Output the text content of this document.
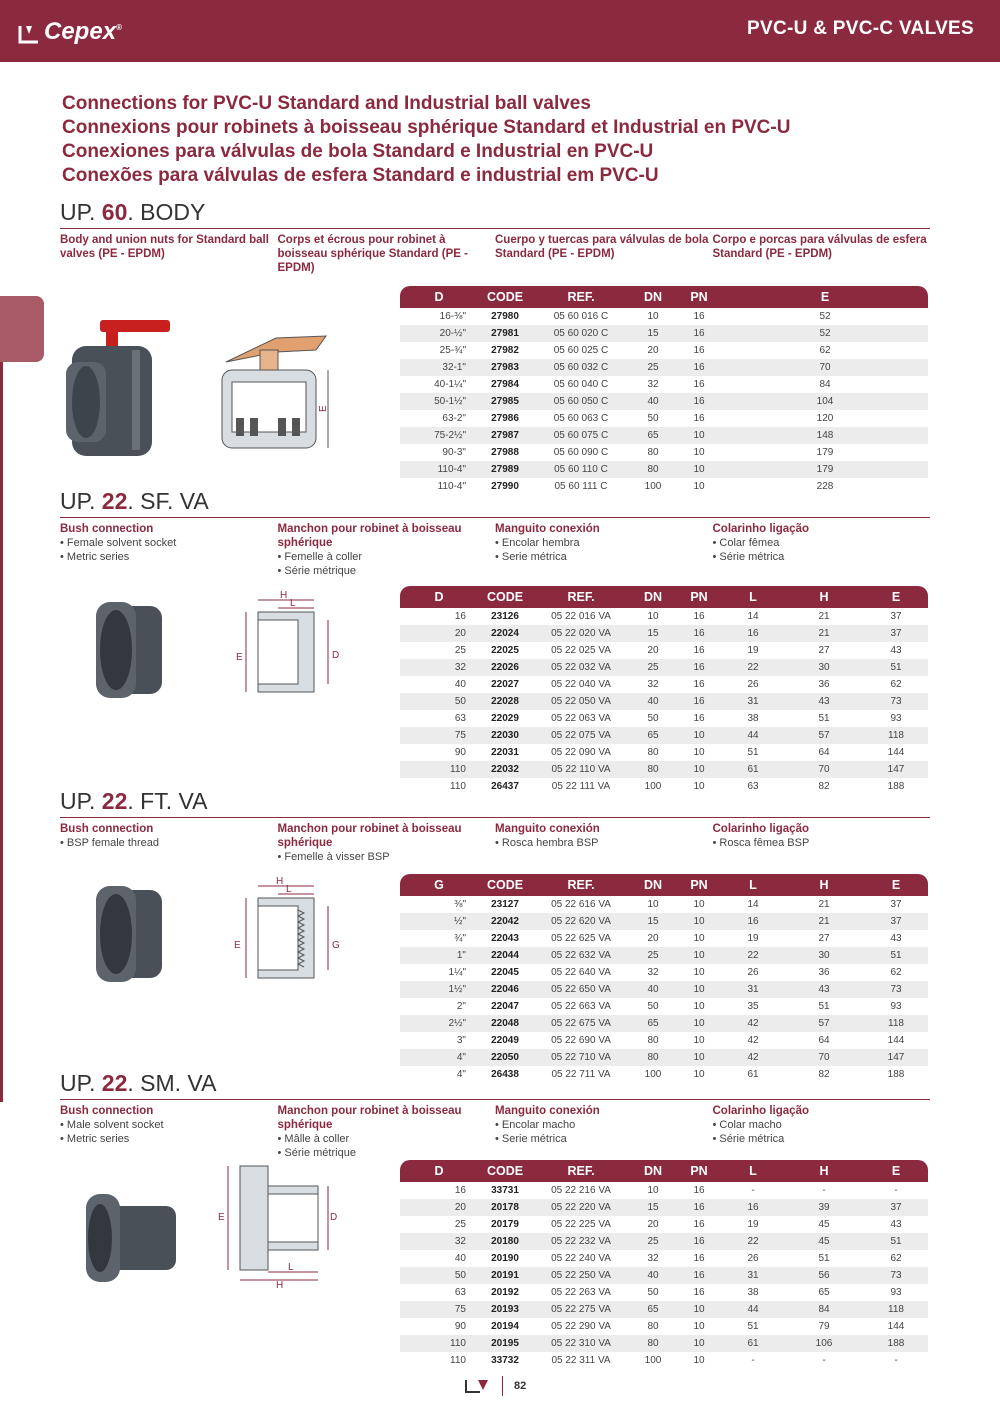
Cepex®	PVC-U & PVC-C VALVES
Connections for PVC-U Standard and Industrial ball valves
Connexions pour robinets à boisseau sphérique Standard et Industrial en PVC-U
Conexiones para válvulas de bola Standard e Industrial en PVC-U
Conexões para válvulas de esfera Standard e industrial em PVC-U
UP. 60. BODY
Body and union nuts for Standard ball valves (PE - EPDM)
Corps et écrous pour robinet à boisseau sphérique Standard (PE - EPDM)
Cuerpo y tuercas para válvulas de bola Standard (PE - EPDM)
Corpo e porcas para válvulas de esfera Standard (PE - EPDM)
UP. 22. SF. VA
Bush connection
• Female solvent socket
• Metric series
Manchon pour robinet à boisseau sphérique
• Femelle à coller
• Série métrique
Manguito conexión
• Encolar hembra
• Serie métrica
Colarinho ligação
• Colar fêmea
• Série métrica
UP. 22. FT. VA
Bush connection
• BSP female thread
Manchon pour robinet à boisseau sphérique
• Femelle à visser BSP
Manguito conexión
• Rosca hembra BSP
Colarinho ligação
• Rosca fêmea BSP
UP. 22. SM. VA
Bush connection
• Male solvent socket
• Metric series
Manchon pour robinet à boisseau sphérique
• Mâlle à coller
• Série métrique
Manguito conexión
• Encolar macho
• Serie métrica
Colarinho ligação
• Colar macho
• Série métrica
D	CODE	REF.	DN	PN	E
16-⅜"	27980	05 60 016 C	10	16	52
20-½"	27981	05 60 020 C	15	16	52
25-¾"	27982	05 60 025 C	20	16	62
32-1"	27983	05 60 032 C	25	16	70
40-1¼"	27984	05 60 040 C	32	16	84
50-1½"	27985	05 60 050 C	40	16	104
63-2"	27986	05 60 063 C	50	16	120
75-2½"	27987	05 60 075 C	65	10	148
90-3"	27988	05 60 090 C	80	10	179
110-4"	27989	05 60 110 C	80	10	179
110-4"	27990	05 60 111 C	100	10	228
D	CODE	REF.	DN	PN	L	H	E
16	23126	05 22 016 VA	10	16	14	21	37
20	22024	05 22 020 VA	15	16	16	21	37
25	22025	05 22 025 VA	20	16	19	27	43
32	22026	05 22 032 VA	25	16	22	30	51
40	22027	05 22 040 VA	32	16	26	36	62
50	22028	05 22 050 VA	40	16	31	43	73
63	22029	05 22 063 VA	50	16	38	51	93
75	22030	05 22 075 VA	65	10	44	57	118
90	22031	05 22 090 VA	80	10	51	64	144
110	22032	05 22 110 VA	80	10	61	70	147
110	26437	05 22 111 VA	100	10	63	82	188
G	CODE	REF.	DN	PN	L	H	E
⅜"	23127	05 22 616 VA	10	10	14	21	37
½"	22042	05 22 620 VA	15	10	16	21	37
¾"	22043	05 22 625 VA	20	10	19	27	43
1"	22044	05 22 632 VA	25	10	22	30	51
1¼"	22045	05 22 640 VA	32	10	26	36	62
1½"	22046	05 22 650 VA	40	10	31	43	73
2"	22047	05 22 663 VA	50	10	35	51	93
2½"	22048	05 22 675 VA	65	10	42	57	118
3"	22049	05 22 690 VA	80	10	42	64	144
4"	22050	05 22 710 VA	80	10	42	70	147
4"	26438	05 22 711 VA	100	10	61	82	188
D	CODE	REF.	DN	PN	L	H	E
16	33731	05 22 216 VA	10	16	-	-	-
20	20178	05 22 220 VA	15	16	16	39	37
25	20179	05 22 225 VA	20	16	19	45	43
32	20180	05 22 232 VA	25	16	22	45	51
40	20190	05 22 240 VA	32	16	26	51	62
50	20191	05 22 250 VA	40	16	31	56	73
63	20192	05 22 263 VA	50	16	38	65	93
75	20193	05 22 275 VA	65	10	44	84	118
90	20194	05 22 290 VA	80	10	51	79	144
110	20195	05 22 310 VA	80	10	61	106	188
110	33732	05 22 311 VA	100	10	-	-	-
E
H
L
E	D
H
L
E	G
E	D
L
H
82
